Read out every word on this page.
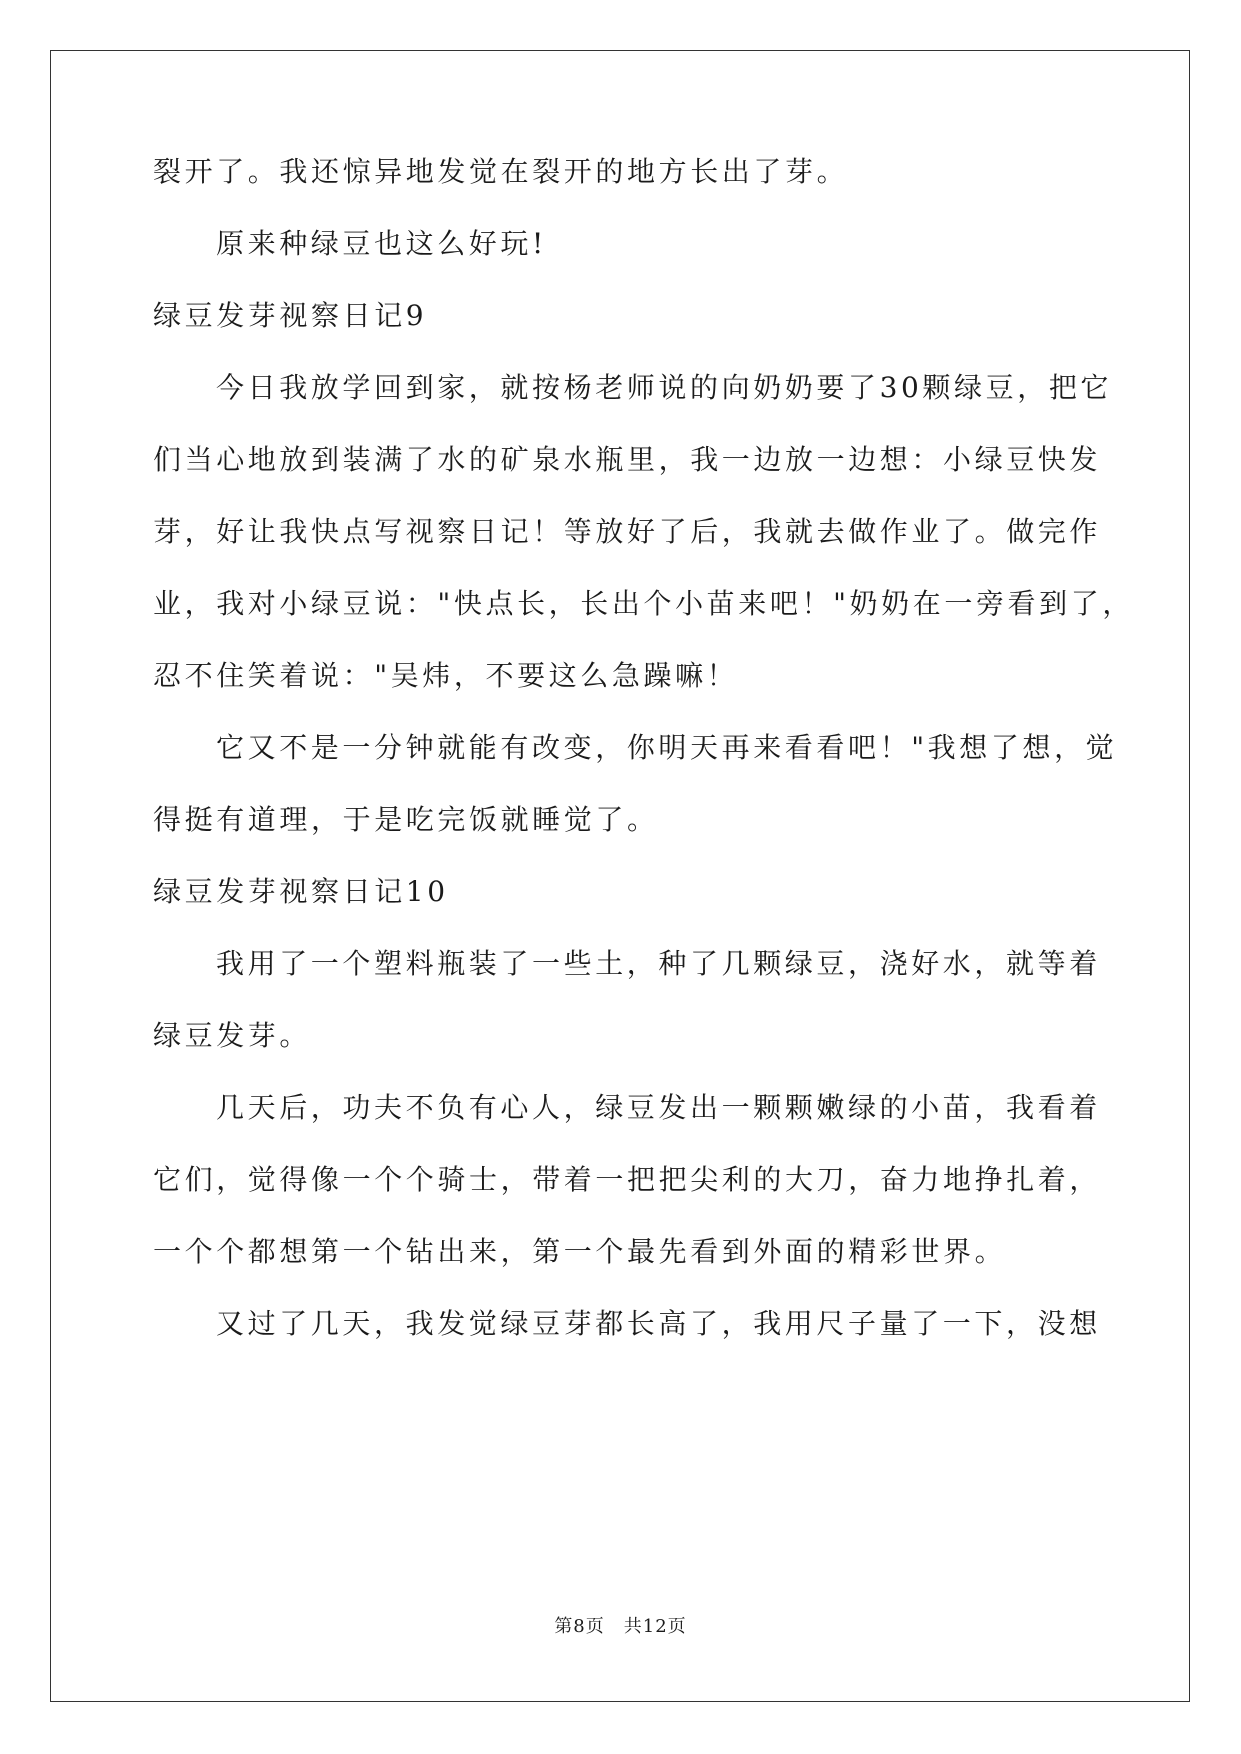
裂开了。我还惊异地发觉在裂开的地方长出了芽。
原来种绿豆也这么好玩!
绿豆发芽视察日记9
今日我放学回到家，就按杨老师说的向奶奶要了30颗绿豆，把它
们当心地放到装满了水的矿泉水瓶里，我一边放一边想：小绿豆快发
芽，好让我快点写视察日记！等放好了后，我就去做作业了。做完作
业，我对小绿豆说："快点长，长出个小苗来吧！"奶奶在一旁看到了，
忍不住笑着说："吴炜，不要这么急躁嘛！
它又不是一分钟就能有改变，你明天再来看看吧！"我想了想，觉
得挺有道理，于是吃完饭就睡觉了。
绿豆发芽视察日记10
我用了一个塑料瓶装了一些土，种了几颗绿豆，浇好水，就等着
绿豆发芽。
几天后，功夫不负有心人，绿豆发出一颗颗嫩绿的小苗，我看着
它们，觉得像一个个骑士，带着一把把尖利的大刀，奋力地挣扎着，
一个个都想第一个钻出来，第一个最先看到外面的精彩世界。
又过了几天，我发觉绿豆芽都长高了，我用尺子量了一下，没想
第8页　共12页
